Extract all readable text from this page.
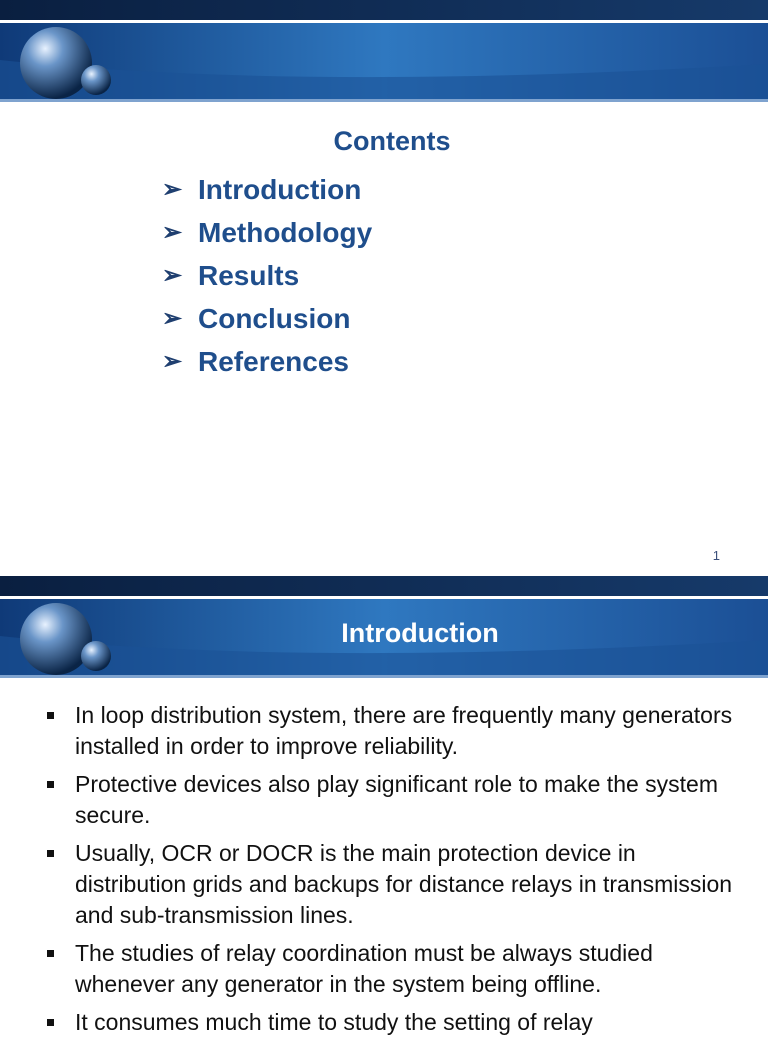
Contents
➢ Introduction
➢ Methodology
➢ Results
➢ Conclusion
➢ References
1
Introduction
In loop distribution system, there are frequently many generators installed in order to improve reliability.
Protective devices also play significant role to make the system secure.
Usually, OCR or DOCR is the main protection device in distribution grids and backups for distance relays in transmission and sub-transmission lines.
The studies of relay coordination must be always studied whenever any generator in the system being offline.
It consumes much time to study the setting of relay
